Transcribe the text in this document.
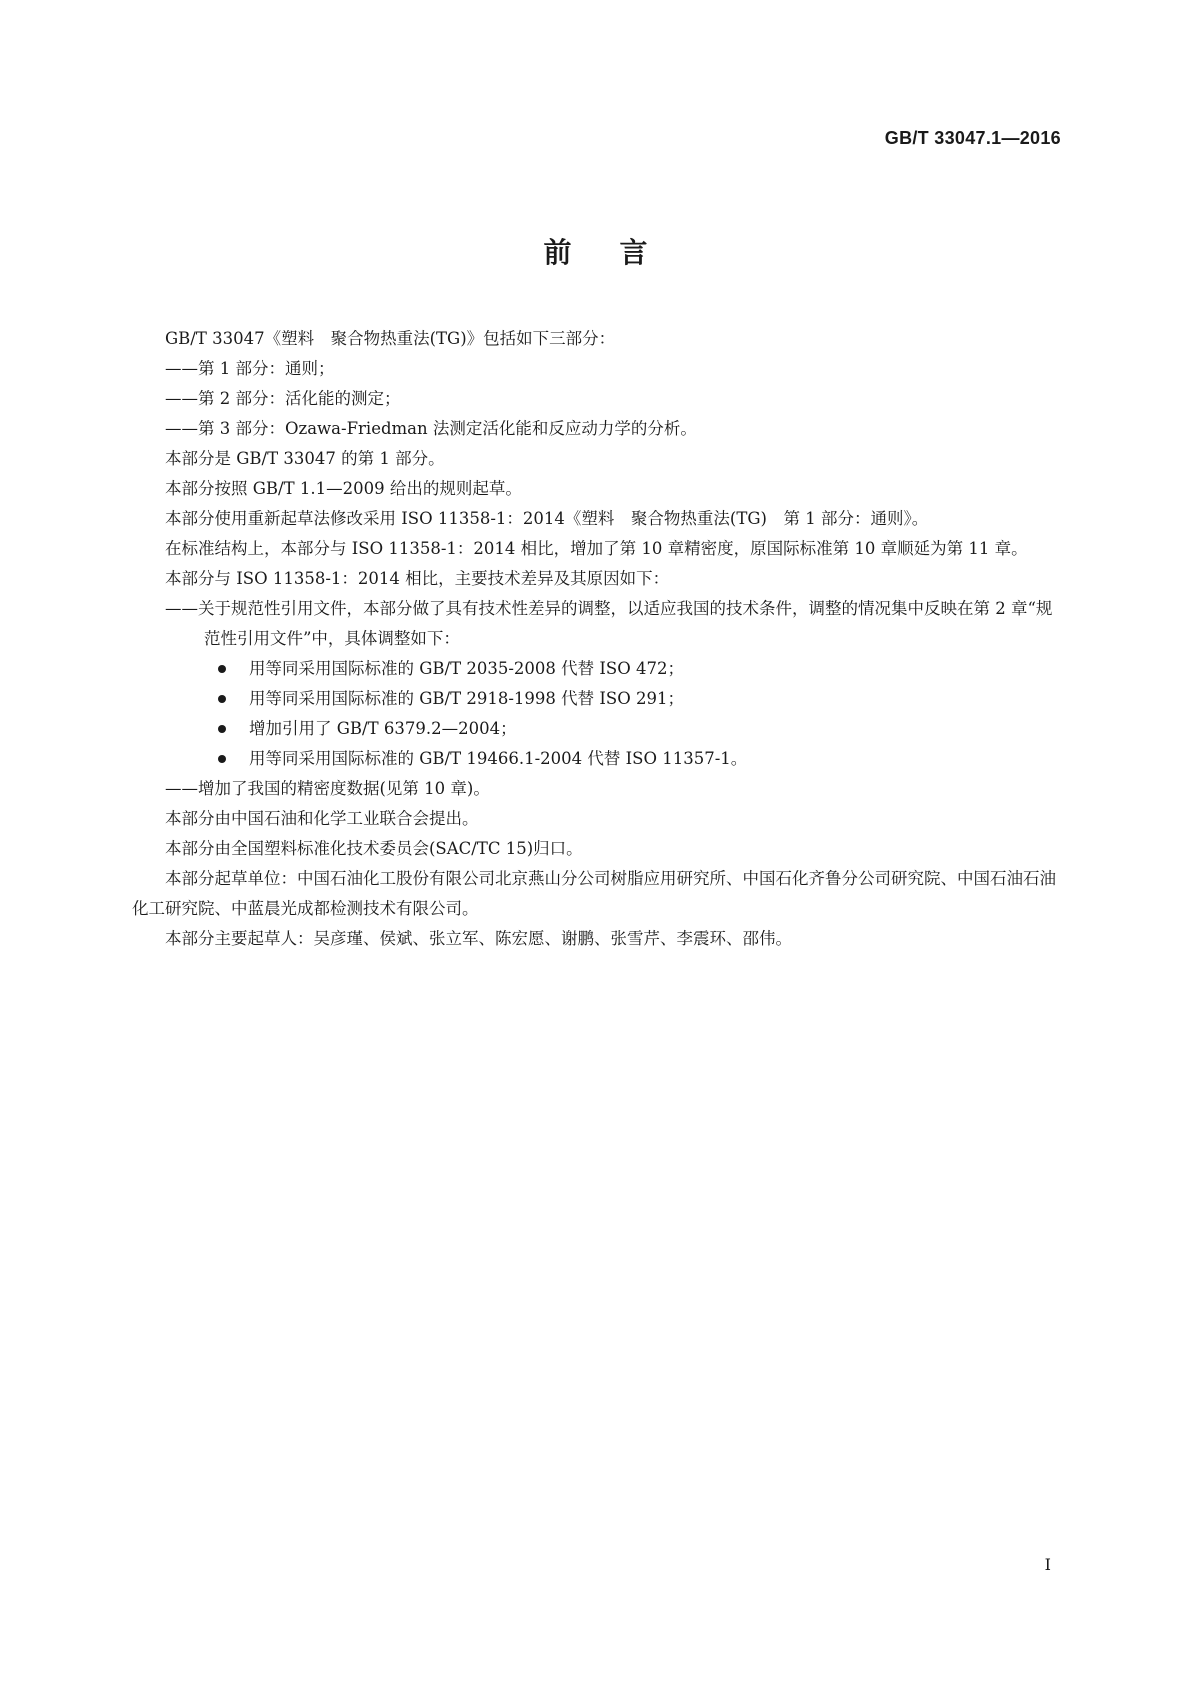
GB/T 33047.1—2016
前言

GB/T 33047《塑料　聚合物热重法(TG)》包括如下三部分：

——第 1 部分：通则；

——第 2 部分：活化能的测定；

——第 3 部分：Ozawa-Friedman 法测定活化能和反应动力学的分析。

本部分是 GB/T 33047 的第 1 部分。

本部分按照 GB/T 1.1—2009 给出的规则起草。

本部分使用重新起草法修改采用 ISO 11358-1：2014《塑料　聚合物热重法(TG)　第 1 部分：通则》。

在标准结构上，本部分与 ISO 11358-1：2014 相比，增加了第 10 章精密度，原国际标准第 10 章顺延为第 11 章。

本部分与 ISO 11358-1：2014 相比，主要技术差异及其原因如下：

——关于规范性引用文件，本部分做了具有技术性差异的调整，以适应我国的技术条件，调整的情况集中反映在第 2 章“规范性引用文件”中，具体调整如下：

用等同采用国际标准的 GB/T 2035-2008 代替 ISO 472；

用等同采用国际标准的 GB/T 2918-1998 代替 ISO 291；

增加引用了 GB/T 6379.2—2004；

用等同采用国际标准的 GB/T 19466.1-2004 代替 ISO 11357-1。

——增加了我国的精密度数据(见第 10 章)。

本部分由中国石油和化学工业联合会提出。

本部分由全国塑料标准化技术委员会(SAC/TC 15)归口。

本部分起草单位：中国石油化工股份有限公司北京燕山分公司树脂应用研究所、中国石化齐鲁分公司研究院、中国石油石油化工研究院、中蓝晨光成都检测技术有限公司。

本部分主要起草人：吴彦瑾、侯斌、张立军、陈宏愿、谢鹏、张雪芹、李震环、邵伟。

I
